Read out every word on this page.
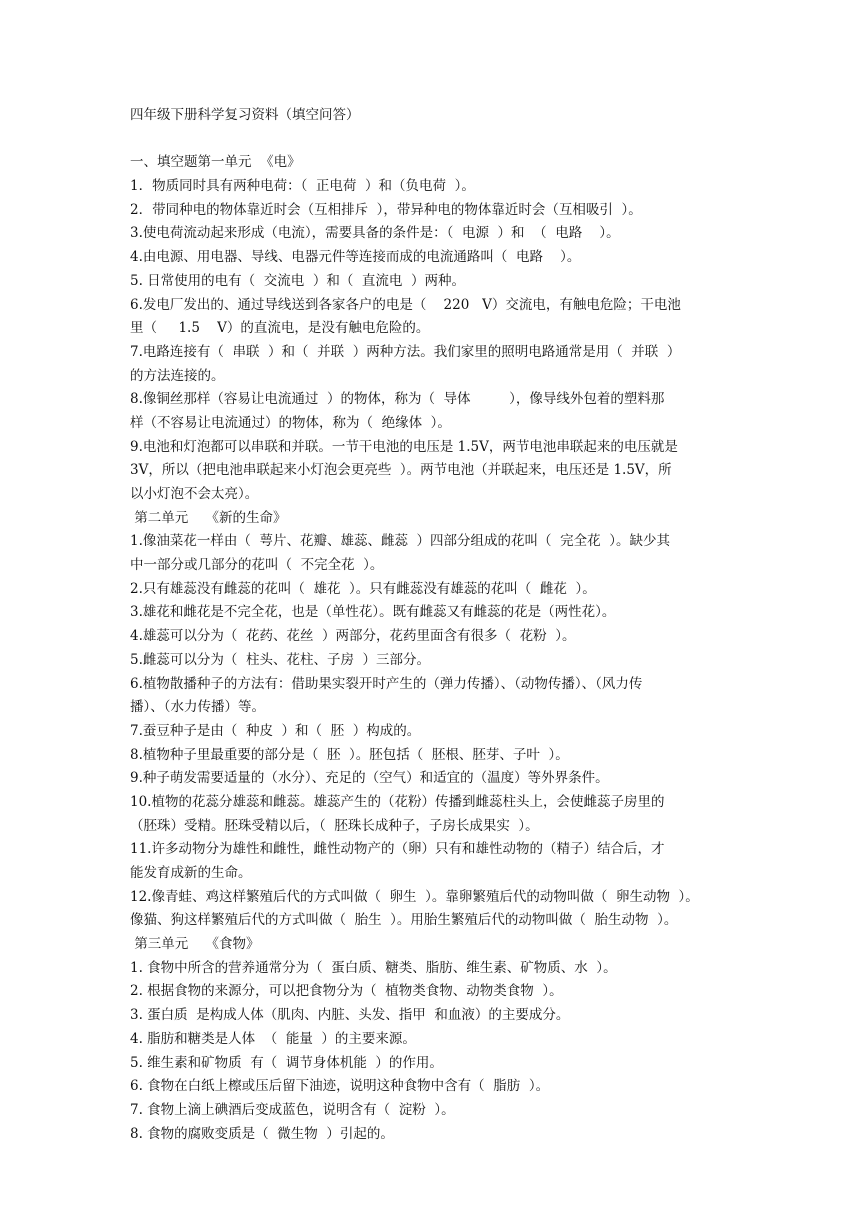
四年级下册科学复习资料（填空问答）
一、填空题第一单元  《电》
1．物质同时具有两种电荷：（  正电荷  ）和（负电荷  ）。
2．带同种电的物体靠近时会（互相排斥  ），带异种电的物体靠近时会（互相吸引  ）。
3.使电荷流动起来形成（电流），需要具备的条件是：（  电源  ）和  （  电路    ）。
4.由电源、用电器、导线、电器元件等连接而成的电流通路叫（  电路    ）。
5. 日常使用的电有（  交流电  ）和（  直流电  ）两种。
6.发电厂发出的、通过导线送到各家各户的电是（    220   V）交流电，有触电危险；干电池
里（     1.5    V）的直流电，是没有触电危险的。
7.电路连接有（  串联  ）和（  并联  ）两种方法。我们家里的照明电路通常是用（  并联  ）
的方法连接的。
8.像铜丝那样（容易让电流通过  ）的物体，称为（  导体         ），像导线外包着的塑料那
样（不容易让电流通过）的物体，称为（  绝缘体  ）。
9.电池和灯泡都可以串联和并联。一节干电池的电压是 1.5V，两节电池串联起来的电压就是
3V，所以（把电池串联起来小灯泡会更亮些  ）。两节电池（并联起来，电压还是 1.5V，所
以小灯泡不会太亮）。
第二单元    《新的生命》
1.像油菜花一样由（  萼片、花瓣、雄蕊、雌蕊  ）四部分组成的花叫（  完全花  ）。缺少其
中一部分或几部分的花叫（  不完全花  ）。
2.只有雄蕊没有雌蕊的花叫（  雄花  ）。只有雌蕊没有雄蕊的花叫（  雌花  ）。
3.雄花和雌花是不完全花，也是（单性花）。既有雌蕊又有雌蕊的花是（两性花）。
4.雄蕊可以分为（  花药、花丝  ）两部分，花药里面含有很多（  花粉  ）。
5.雌蕊可以分为（  柱头、花柱、子房  ）三部分。
6.植物散播种子的方法有：借助果实裂开时产生的（弹力传播）、（动物传播）、（风力传
播）、（水力传播）等。
7.蚕豆种子是由（  种皮  ）和（  胚  ）构成的。
8.植物种子里最重要的部分是（  胚  ）。胚包括（  胚根、胚芽、子叶  ）。
9.种子萌发需要适量的（水分）、充足的（空气）和适宜的（温度）等外界条件。
10.植物的花蕊分雄蕊和雌蕊。雄蕊产生的（花粉）传播到雌蕊柱头上，会使雌蕊子房里的
（胚珠）受精。胚珠受精以后，（  胚珠长成种子，子房长成果实  ）。
11.许多动物分为雄性和雌性，雌性动物产的（卵）只有和雄性动物的（精子）结合后，才
能发育成新的生命。
12.像青蛙、鸡这样繁殖后代的方式叫做（  卵生  ）。靠卵繁殖后代的动物叫做（  卵生动物  ）。
像猫、狗这样繁殖后代的方式叫做（  胎生  ）。用胎生繁殖后代的动物叫做（  胎生动物  ）。
第三单元    《食物》
1. 食物中所含的营养通常分为（  蛋白质、糖类、脂肪、维生素、矿物质、水  ）。
2. 根据食物的来源分，可以把食物分为（  植物类食物、动物类食物  ）。
3. 蛋白质  是构成人体（肌肉、内脏、头发、指甲  和血液）的主要成分。
4. 脂肪和糖类是人体  （  能量  ）的主要来源。
5. 维生素和矿物质  有（  调节身体机能  ）的作用。
6. 食物在白纸上檫或压后留下油迹，说明这种食物中含有（  脂肪  ）。
7. 食物上滴上碘酒后变成蓝色，说明含有（  淀粉  ）。
8. 食物的腐败变质是（  微生物  ）引起的。
